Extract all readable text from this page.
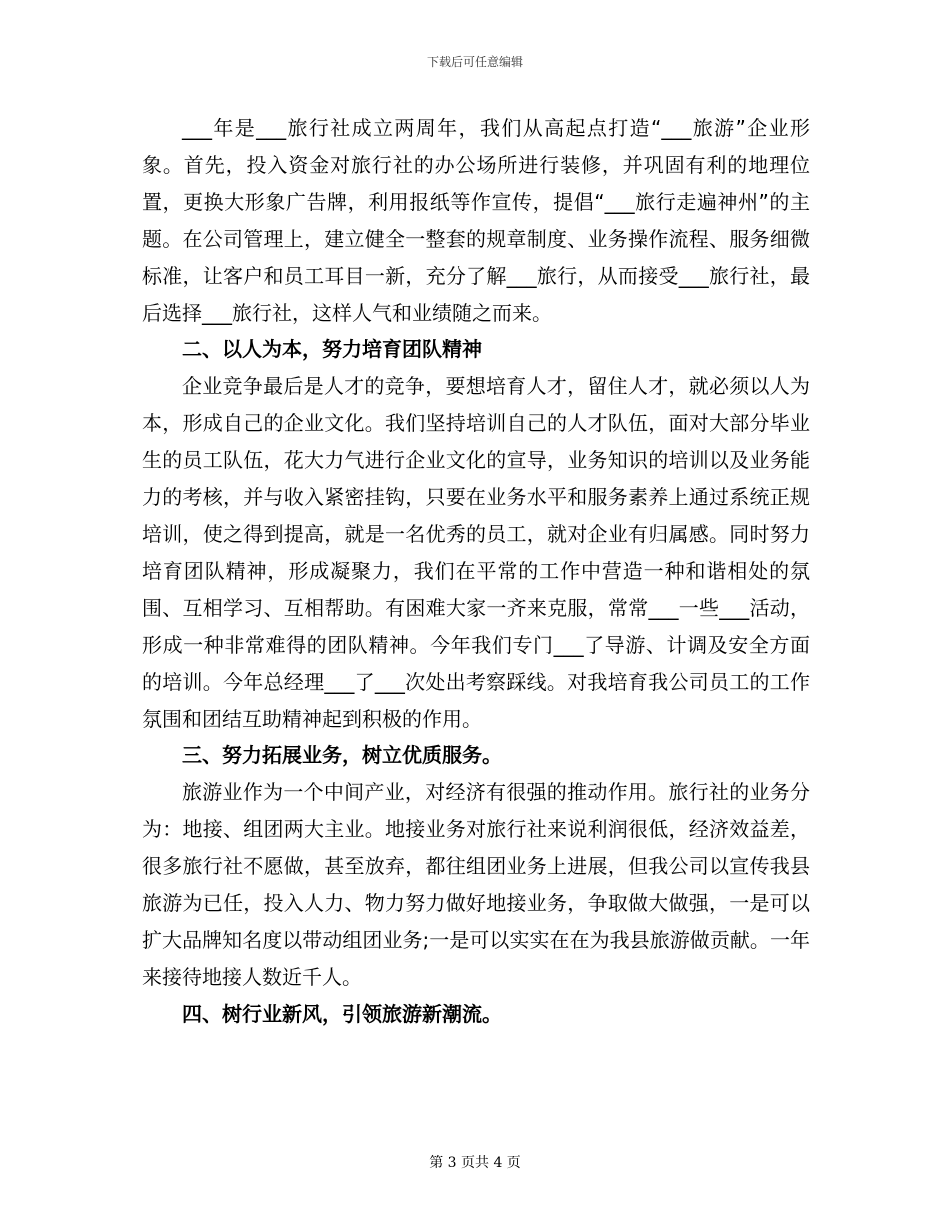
下载后可任意编辑

___年是___旅行社成立两周年，我们从高起点打造“___旅游”企业形象。首先，投入资金对旅行社的办公场所进行装修，并巩固有利的地理位置，更换大形象广告牌，利用报纸等作宣传，提倡“___旅行走遍神州”的主题。在公司管理上，建立健全一整套的规章制度、业务操作流程、服务细微标准，让客户和员工耳目一新，充分了解___旅行，从而接受___旅行社，最后选择___旅行社，这样人气和业绩随之而来。

二、以人为本，努力培育团队精神

企业竞争最后是人才的竞争，要想培育人才，留住人才，就必须以人为本，形成自己的企业文化。我们坚持培训自己的人才队伍，面对大部分毕业生的员工队伍，花大力气进行企业文化的宣导，业务知识的培训以及业务能力的考核，并与收入紧密挂钩，只要在业务水平和服务素养上通过系统正规培训，使之得到提高，就是一名优秀的员工，就对企业有归属感。同时努力培育团队精神，形成凝聚力，我们在平常的工作中营造一种和谐相处的氛围、互相学习、互相帮助。有困难大家一齐来克服，常常___一些___活动，形成一种非常难得的团队精神。今年我们专门___了导游、计调及安全方面的培训。今年总经理___了___次处出考察踩线。对我培育我公司员工的工作氛围和团结互助精神起到积极的作用。

三、努力拓展业务，树立优质服务。

旅游业作为一个中间产业，对经济有很强的推动作用。旅行社的业务分为：地接、组团两大主业。地接业务对旅行社来说利润很低，经济效益差，很多旅行社不愿做，甚至放弃，都往组团业务上进展，但我公司以宣传我县旅游为已任，投入人力、物力努力做好地接业务，争取做大做强，一是可以扩大品牌知名度以带动组团业务;一是可以实实在在为我县旅游做贡献。一年来接待地接人数近千人。

四、树行业新风，引领旅游新潮流。

第 3 页共 4 页
